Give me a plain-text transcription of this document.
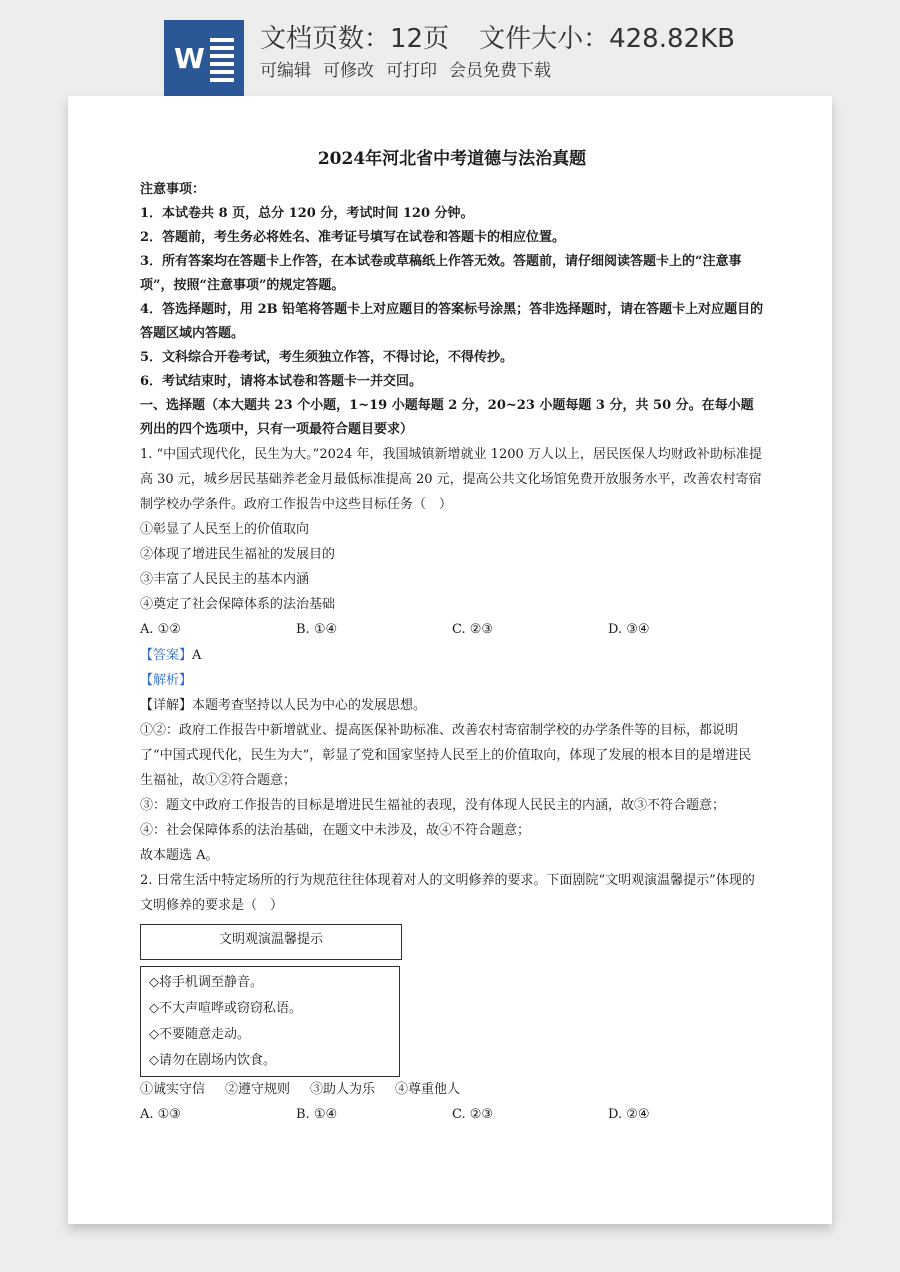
W
文档页数：12页 文件大小：428.82KB
可编辑 可修改 可打印 会员免费下载
2024年河北省中考道德与法治真题

注意事项：

1．本试卷共 8 页，总分 120 分，考试时间 120 分钟。

2．答题前，考生务必将姓名、准考证号填写在试卷和答题卡的相应位置。

3．所有答案均在答题卡上作答，在本试卷或草稿纸上作答无效。答题前，请仔细阅读答题卡上的“注意事项”，按照“注意事项”的规定答题。

4．答选择题时，用 2B 铅笔将答题卡上对应题目的答案标号涂黑；答非选择题时，请在答题卡上对应题目的答题区域内答题。

5．文科综合开卷考试，考生须独立作答，不得讨论，不得传抄。

6．考试结束时，请将本试卷和答题卡一并交回。

一、选择题（本大题共 23 个小题，1~19 小题每题 2 分，20~23 小题每题 3 分，共 50 分。在每小题列出的四个选项中，只有一项最符合题目要求）

1. “中国式现代化，民生为大。”2024 年，我国城镇新增就业 1200 万人以上，居民医保人均财政补助标准提高 30 元，城乡居民基础养老金月最低标准提高 20 元，提高公共文化场馆免费开放服务水平，改善农村寄宿制学校办学条件。政府工作报告中这些目标任务（　）

①彰显了人民至上的价值取向

②体现了增进民生福祉的发展目的

③丰富了人民民主的基本内涵

④奠定了社会保障体系的法治基础

A. ①②	B. ①④	C. ②③	D. ③④

【答案】A

【解析】

【详解】本题考查坚持以人民为中心的发展思想。

①②：政府工作报告中新增就业、提高医保补助标准、改善农村寄宿制学校的办学条件等的目标，都说明了“中国式现代化，民生为大”，彰显了党和国家坚持人民至上的价值取向，体现了发展的根本目的是增进民生福祉，故①②符合题意；

③：题文中政府工作报告的目标是增进民生福祉的表现，没有体现人民民主的内涵，故③不符合题意；

④：社会保障体系的法治基础，在题文中未涉及，故④不符合题意；

故本题选 A。

2. 日常生活中特定场所的行为规范往往体现着对人的文明修养的要求。下面剧院“文明观演温馨提示”体现的文明修养的要求是（　）

文明观演温馨提示
◇将手机调至静音。
◇不大声喧哗或窃窃私语。
◇不要随意走动。
◇请勿在剧场内饮食。

①诚实守信 ②遵守规则 ③助人为乐 ④尊重他人

A. ①③	B. ①④	C. ②③	D. ②④
